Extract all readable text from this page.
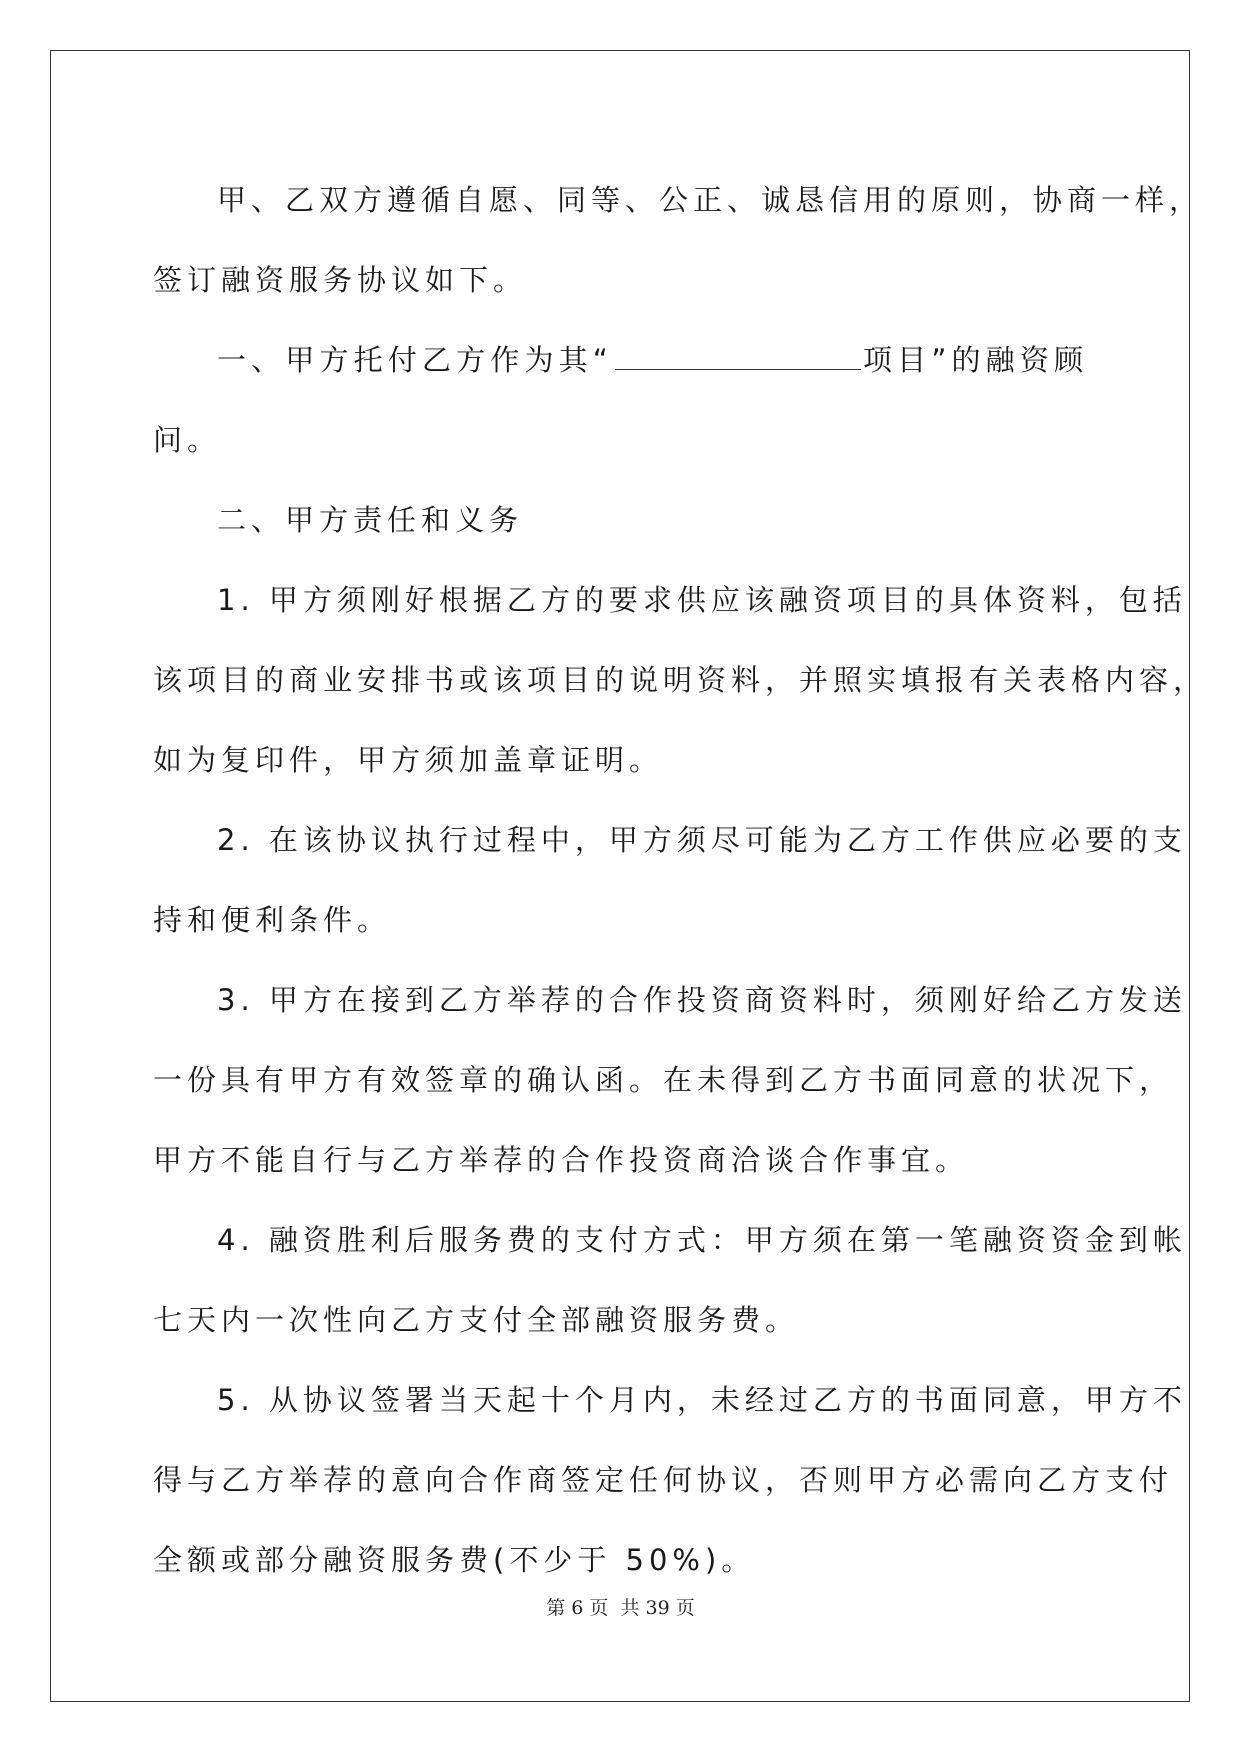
甲、乙双方遵循自愿、同等、公正、诚恳信用的原则，协商一样，
签订融资服务协议如下。

一、甲方托付乙方作为其“	项目”的融资顾问。

二、甲方责任和义务

1. 甲方须刚好根据乙方的要求供应该融资项目的具体资料，包括
该项目的商业安排书或该项目的说明资料，并照实填报有关表格内容，
如为复印件，甲方须加盖章证明。

2. 在该协议执行过程中，甲方须尽可能为乙方工作供应必要的支
持和便利条件。

3. 甲方在接到乙方举荐的合作投资商资料时，须刚好给乙方发送
一份具有甲方有效签章的确认函。在未得到乙方书面同意的状况下，
甲方不能自行与乙方举荐的合作投资商洽谈合作事宜。

4. 融资胜利后服务费的支付方式：甲方须在第一笔融资资金到帐
七天内一次性向乙方支付全部融资服务费。

5. 从协议签署当天起十个月内，未经过乙方的书面同意，甲方不
得与乙方举荐的意向合作商签定任何协议，否则甲方必需向乙方支付
全额或部分融资服务费(不少于 50%)。

第 6 页 共 39 页
